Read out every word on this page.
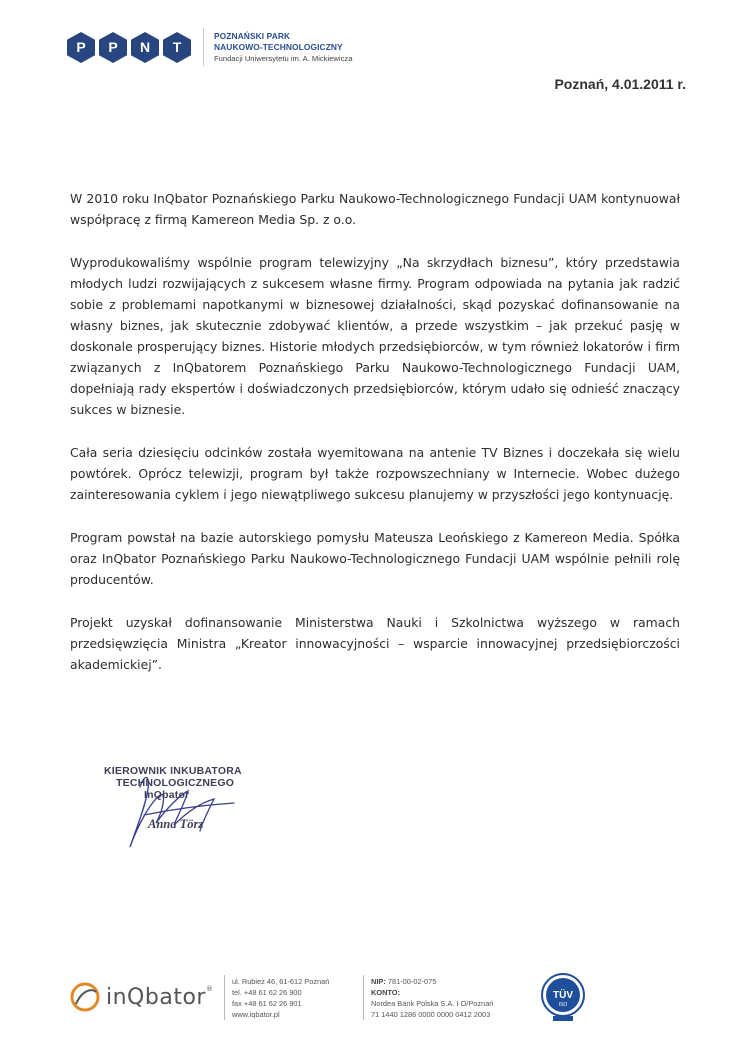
P	P	N	T
POZNAŃSKI PARK
NAUKOWO-TECHNOLOGICZNY
Fundacji Uniwersytetu im. A. Mickiewicza
Poznań, 4.01.2011 r.

W 2010 roku InQbator Poznańskiego Parku Naukowo-Technologicznego Fundacji UAM kontynuował współpracę z firmą Kamereon Media Sp. z o.o.

Wyprodukowaliśmy wspólnie program telewizyjny „Na skrzydłach biznesu”, który przedstawia młodych ludzi rozwijających z sukcesem własne firmy. Program odpowiada na pytania jak radzić sobie z problemami napotkanymi w biznesowej działalności, skąd pozyskać dofinansowanie na własny biznes, jak skutecznie zdobywać klientów, a przede wszystkim – jak przekuć pasję w doskonale prosperujący biznes. Historie młodych przedsiębiorców, w tym również lokatorów i firm związanych z InQbatorem Poznańskiego Parku Naukowo-Technologicznego Fundacji UAM, dopełniają rady ekspertów i doświadczonych przedsiębiorców, którym udało się odnieść znaczący sukces w biznesie.

Cała seria dziesięciu odcinków została wyemitowana na antenie TV Biznes i doczekała się wielu powtórek. Oprócz telewizji, program był także rozpowszechniany w Internecie. Wobec dużego zainteresowania cyklem i jego niewątpliwego sukcesu planujemy w przyszłości jego kontynuację.

Program powstał na bazie autorskiego pomysłu Mateusza Leońskiego z Kamereon Media. Spółka oraz InQbator Poznańskiego Parku Naukowo-Technologicznego Fundacji UAM wspólnie pełnili rolę producentów.

Projekt uzyskał dofinansowanie Ministerstwa Nauki i Szkolnictwa wyższego w ramach przedsięwzięcia Ministra „Kreator innowacyjności – wsparcie innowacyjnej przedsiębiorczości akademickiej”.

KIEROWNIK INKUBATORA
TECHNOLOGICZNEGO
InQbator
Anna Törz
inQbator®
ul. Rubież 46, 61-612 Poznań
tel. +48 61 62 26 900
fax +48 61 62 26 901
www.iqbator.pl
NIP: 781-00-02-075
KONTO:
Nordea Bank Polska S.A. I O/Poznań
71 1440 1286 0000 0000 0412 2003
TÜV
ISO
